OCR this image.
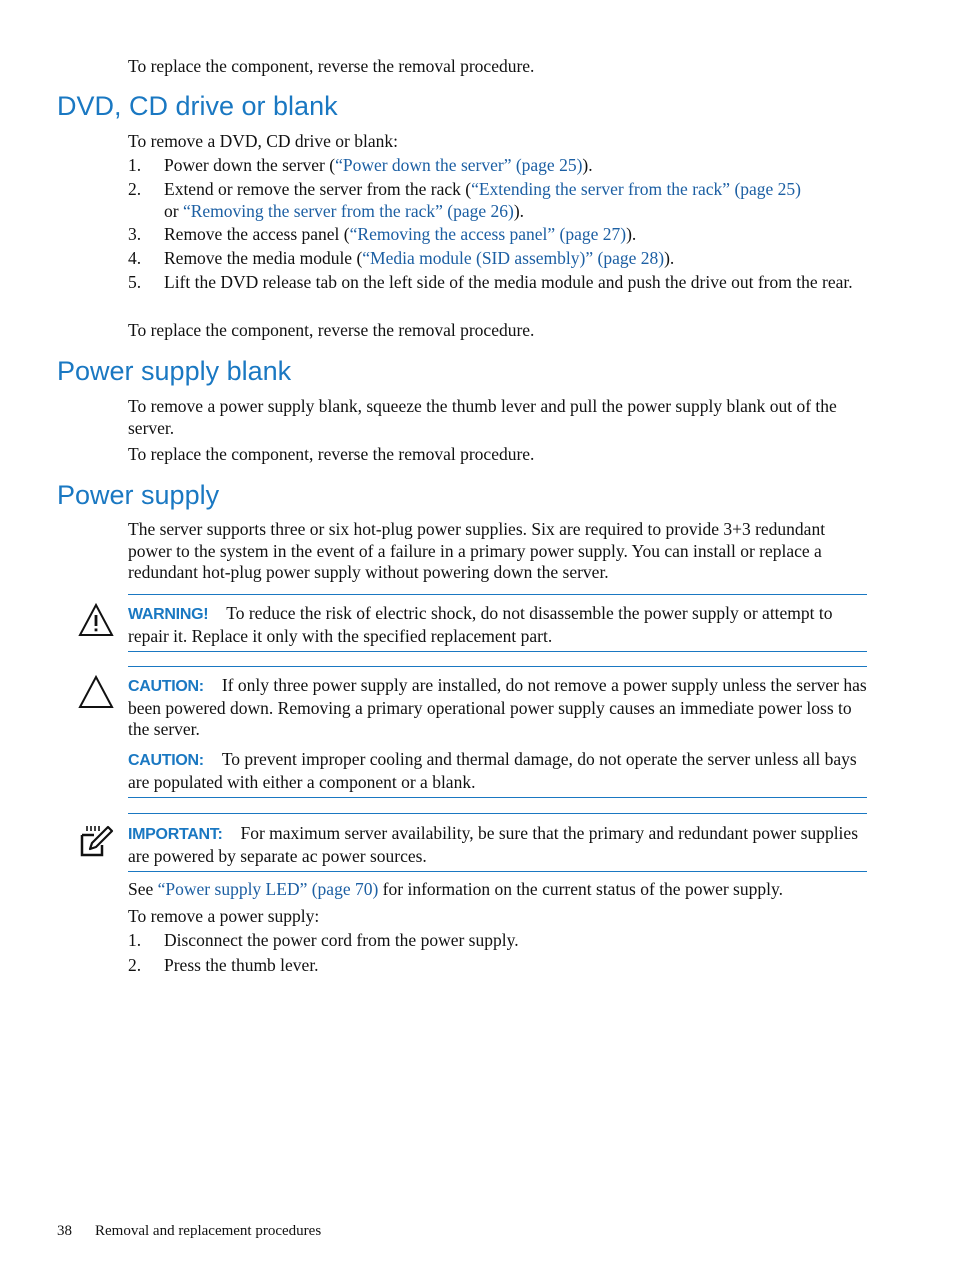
To replace the component, reverse the removal procedure.
DVD, CD drive or blank
To remove a DVD, CD drive or blank:
1. Power down the server (“Power down the server” (page 25)).
2. Extend or remove the server from the rack (“Extending the server from the rack” (page 25)
or “Removing the server from the rack” (page 26)).
3. Remove the access panel (“Removing the access panel” (page 27)).
4. Remove the media module (“Media module (SID assembly)” (page 28)).
5. Lift the DVD release tab on the left side of the media module and push the drive out from the rear.
To replace the component, reverse the removal procedure.
Power supply blank
To remove a power supply blank, squeeze the thumb lever and pull the power supply blank out of the server.
To replace the component, reverse the removal procedure.
Power supply
The server supports three or six hot-plug power supplies. Six are required to provide 3+3 redundant power to the system in the event of a failure in a primary power supply. You can install or replace a redundant hot-plug power supply without powering down the server.
WARNING! To reduce the risk of electric shock, do not disassemble the power supply or attempt to repair it. Replace it only with the specified replacement part.
CAUTION: If only three power supply are installed, do not remove a power supply unless the server has been powered down. Removing a primary operational power supply causes an immediate power loss to the server.
CAUTION: To prevent improper cooling and thermal damage, do not operate the server unless all bays are populated with either a component or a blank.
IMPORTANT: For maximum server availability, be sure that the primary and redundant power supplies are powered by separate ac power sources.
See “Power supply LED” (page 70) for information on the current status of the power supply.
To remove a power supply:
1. Disconnect the power cord from the power supply.
2. Press the thumb lever.
38 Removal and replacement procedures
